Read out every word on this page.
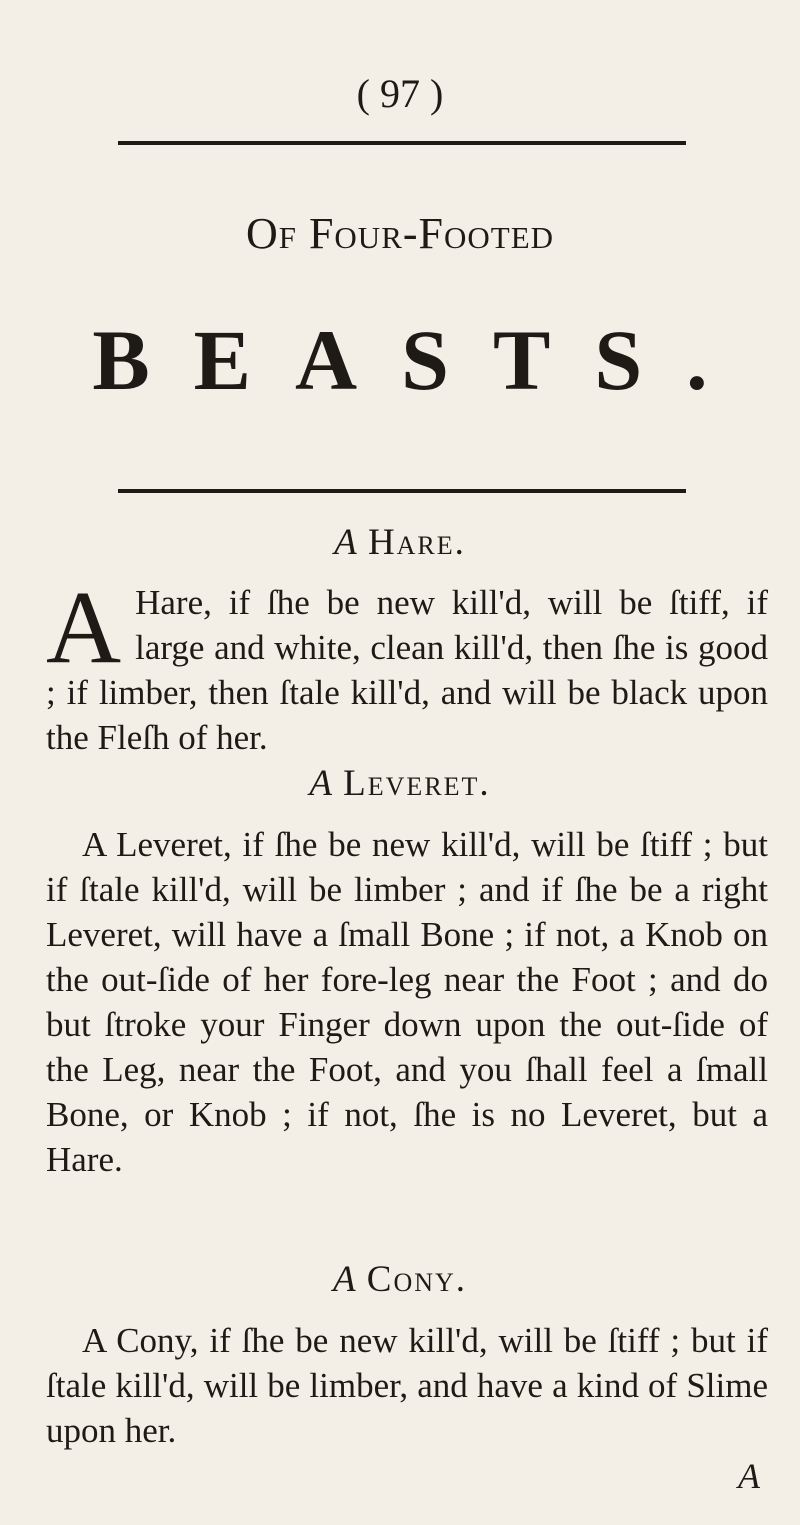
( 97 )
Of Four-Footed
BEASTS.
A Hare.

A Hare, if ſhe be new kill'd, will be ſtiff, if large and white, clean kill'd, then ſhe is good ; if limber, then ſtale kill'd, and will be black upon the Fleſh of her.

A Leveret.

A Leveret, if ſhe be new kill'd, will be ſtiff ; but if ſtale kill'd, will be limber ; and if ſhe be a right Leveret, will have a ſmall Bone ; if not, a Knob on the out-ſide of her fore-leg near the Foot ; and do but ſtroke your Finger down upon the out-ſide of the Leg, near the Foot, and you ſhall feel a ſmall Bone, or Knob ; if not, ſhe is no Leveret, but a Hare.

A Cony.

A Cony, if ſhe be new kill'd, will be ſtiff ; but if ſtale kill'd, will be limber, and have a kind of Slime upon her.

A
